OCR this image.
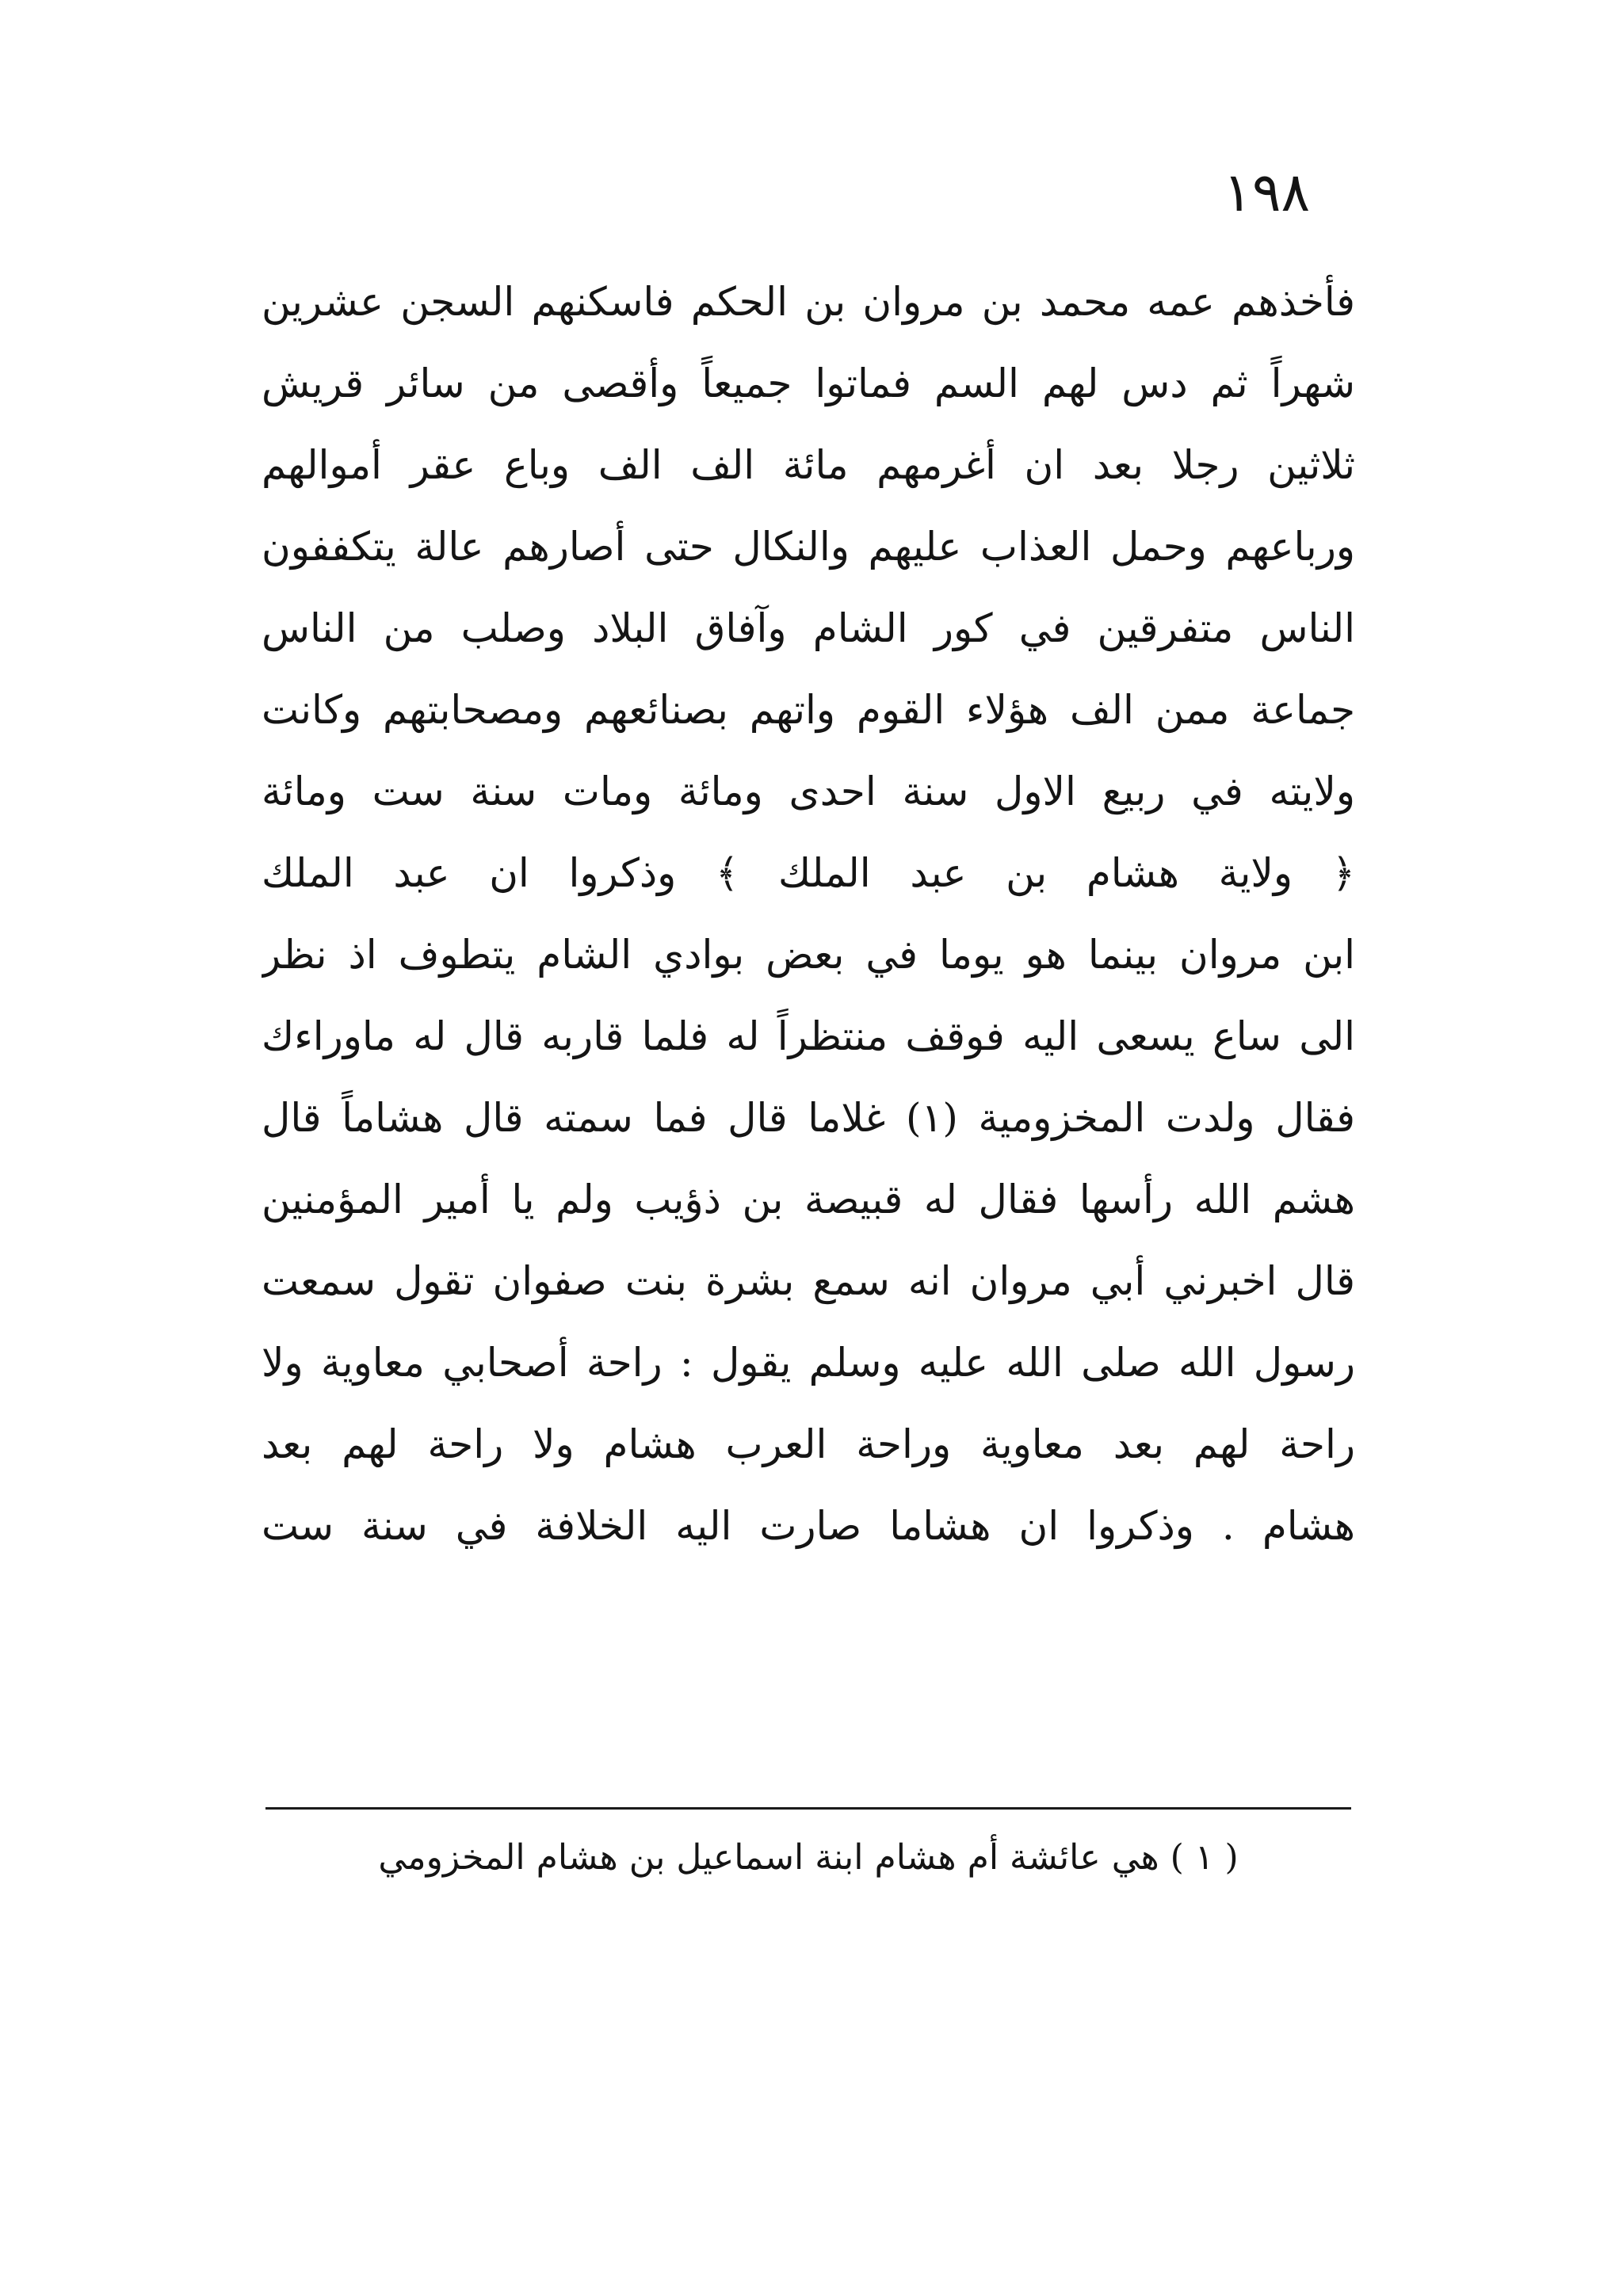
١٩٨
فأخذهم عمه محمد بن مروان بن الحكم فاسكنهم السجن عشرين
شهراً ثم دس لهم السم فماتوا جميعاً وأقصى من سائر قريش
ثلاثين رجلا بعد ان أغرمهم مائة الف الف وباع عقر أموالهم
ورباعهم وحمل العذاب عليهم والنكال حتى أصارهم عالة يتكففون
الناس متفرقين في كور الشام وآفاق البلاد وصلب من الناس
جماعة ممن الف هؤلاء القوم واتهم بصنائعهم ومصحابتهم وكانت
ولايته في ربيع الاول سنة احدى ومائة ومات سنة ست ومائة
﴿ ولاية هشام بن عبد الملك ﴾ وذكروا ان عبد الملك
ابن مروان بينما هو يوما في بعض بوادي الشام يتطوف اذ نظر
الى ساع يسعى اليه فوقف منتظراً له فلما قاربه قال له ماوراءك
فقال ولدت المخزومية (١) غلاما قال فما سمته قال هشاماً قال
هشم الله رأسها فقال له قبيصة بن ذؤيب ولم يا أمير المؤمنين
قال اخبرني أبي مروان انه سمع بشرة بنت صفوان تقول سمعت
رسول الله صلى الله عليه وسلم يقول : راحة أصحابي معاوية ولا
راحة لهم بعد معاوية وراحة العرب هشام ولا راحة لهم بعد
هشام . وذكروا ان هشاما صارت اليه الخلافة في سنة ست
( ١ ) هي عائشة أم هشام ابنة اسماعيل بن هشام المخزومي
